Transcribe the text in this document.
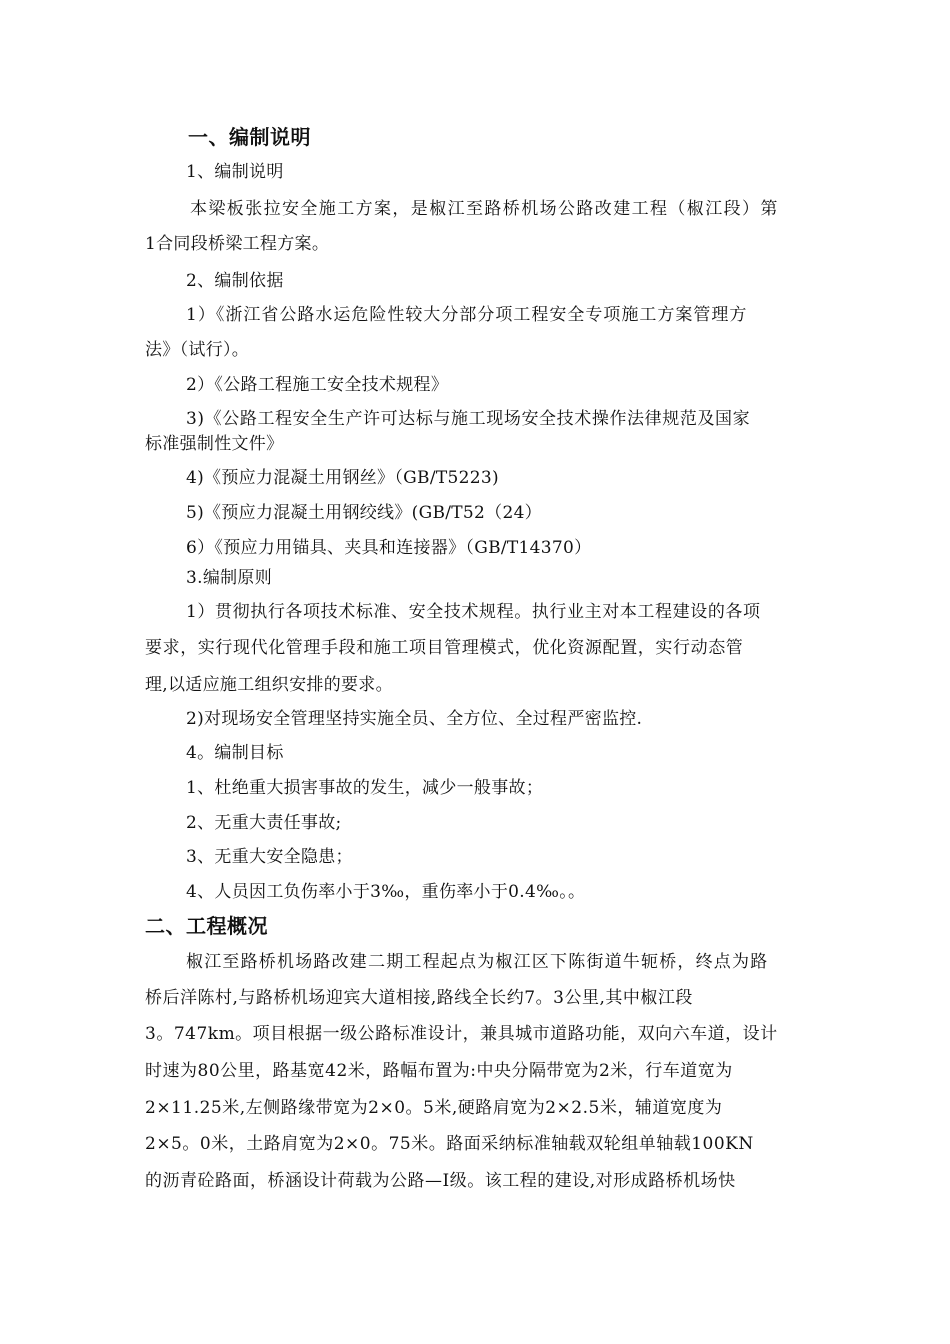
一、编制说明
1、编制说明
本梁板张拉安全施工方案，是椒江至路桥机场公路改建工程（椒江段）第
1合同段桥梁工程方案。
2、编制依据
1）《浙江省公路水运危险性较大分部分项工程安全专项施工方案管理方
法》（试行）。
2）《公路工程施工安全技术规程》
3)《公路工程安全生产许可达标与施工现场安全技术操作法律规范及国家
标准强制性文件》
4)《预应力混凝土用钢丝》（GB/T5223)
5)《预应力混凝土用钢绞线》(GB/T52（24）
6）《预应力用锚具、夹具和连接器》（GB/T14370）
3.编制原则
1）贯彻执行各项技术标准、安全技术规程。执行业主对本工程建设的各项
要求，实行现代化管理手段和施工项目管理模式，优化资源配置，实行动态管
理,以适应施工组织安排的要求。
2)对现场安全管理坚持实施全员、全方位、全过程严密监控.
4。编制目标
1、杜绝重大损害事故的发生，减少一般事故；
2、无重大责任事故;
3、无重大安全隐患；
4、人员因工负伤率小于3‰，重伤率小于0.4‰。。
二、工程概况
椒江至路桥机场路改建二期工程起点为椒江区下陈街道牛轭桥，终点为路
桥后洋陈村,与路桥机场迎宾大道相接,路线全长约7。3公里,其中椒江段
3。747km。项目根据一级公路标准设计，兼具城市道路功能，双向六车道，设计
时速为80公里，路基宽42米，路幅布置为:中央分隔带宽为2米，行车道宽为
2×11.25米,左侧路缘带宽为2×0。5米,硬路肩宽为2×2.5米，辅道宽度为
2×5。0米，土路肩宽为2×0。75米。路面采纳标准轴载双轮组单轴载100KN
的沥青砼路面，桥涵设计荷载为公路—Ⅰ级。该工程的建设,对形成路桥机场快
